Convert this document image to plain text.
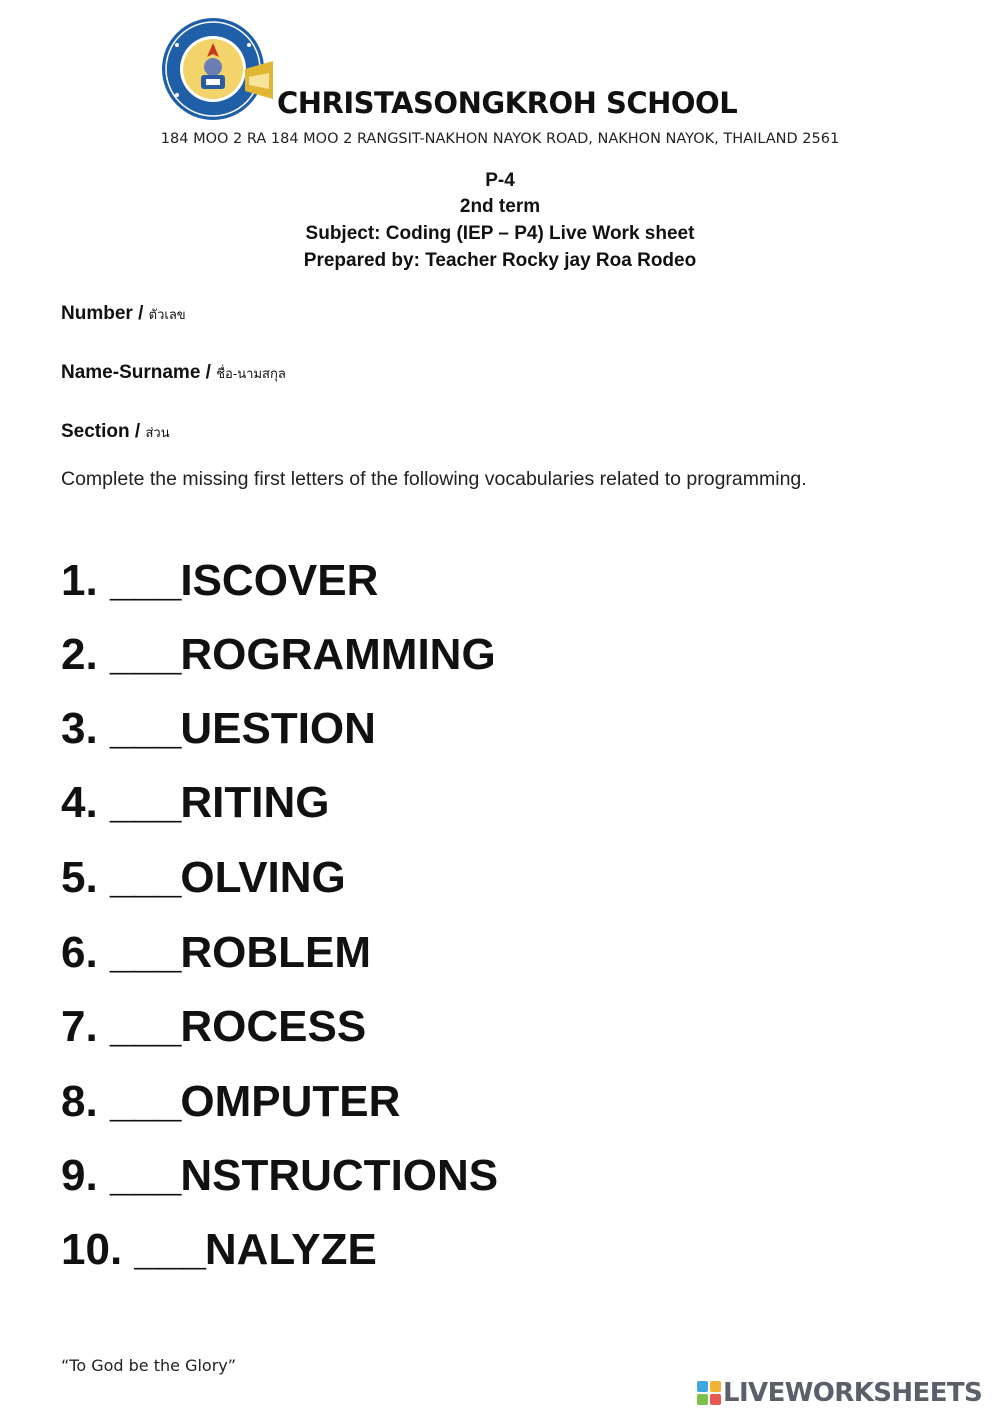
CHRISTASONGKROH SCHOOL
184 MOO 2 RA 184 MOO 2 RANGSIT-NAKHON NAYOK ROAD, NAKHON NAYOK, THAILAND 2561
P-4
2nd term
Subject: Coding (IEP – P4) Live Work sheet
Prepared by: Teacher Rocky jay Roa Rodeo
Number / ตัวเลข
Name-Surname / ชื่อ-นามสกุล
Section / ส่วน
Complete the missing first letters of the following vocabularies related to programming.
1. ___ISCOVER
2. ___ROGRAMMING
3. ___UESTION
4. ___RITING
5. ___OLVING
6. ___ROBLEM
7. ___ROCESS
8. ___OMPUTER
9. ___NSTRUCTIONS
10. ___NALYZE
“To God be the Glory”
LIVEWORKSHEETS
